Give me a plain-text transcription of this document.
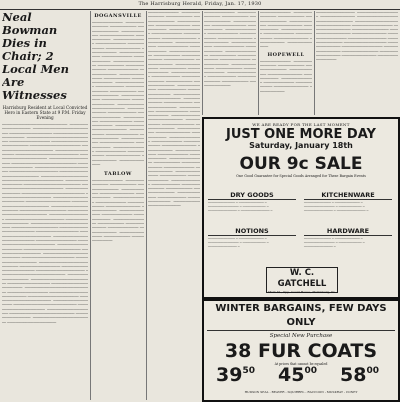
The Harrisburg Herald, Friday, Jan. 17, 1930
Neal Bowman Dies in Chair; 2 Local Men Are Witnesses
Harrisburg Resident at Local Convicted Hero in Eastern State at 9 P.M. Friday Evening
──────────────────────────────── ─────────────────────── ────────────────────────────── ───────────────────── ──────────────────────────── ───────────────────────────────── ──────────────────── ─────────────────────────────── ───────────────────────── ──────────────────────────── ────────────────────── ─────────────────────────────── ────────────────────────── ─────────────────────── ──────────────────────────────── ──────────────────── ───────────────────────────── ──────────────────────── ──────────────────────────────── ─────────────────────── ────────────────────────────── ───────────────────── ──────────────────────────── ───────────────────────────────── ──────────────────── ─────────────────────────────── ───────────────────────── ──────────────────────────── ────────────────────── ─────────────────────────────── ────────────────────────── ─────────────────────── ──────────────────────────────── ──────────────────── ───────────────────────────── ──────────────────────── ──────────────────────────────── ─────────────────────── ────────────────────────────── ───────────────────── ──────────────────────────── ───────────────────────────────── ──────────────────── ─────────────────────────────── ───────────────────────── ──────────────────────────── ────────────────────── ─────────────────────────────── ────────────────────────── ─────────────────────── ──────────────────────────────── ──────────────────── ───────────────────────────── ──────────────────────── ──────────────────────────────── ─────────────────────── ────────────────────────────── ───────────────────── ──────────────────────────── ───────────────────────────────── ──────────────────── ─────────────────────────────── ───────────────────────── ──────────────────────────── ────────────────────── ─────────────────────────────── ────────────────────────── ─────────────────────── ──────────────────────────────── ──────────────────── ───────────────────────────── ────────────────────────
DOGANSVILLE
─────────────── ───────────────── ───────────── ──────────────── ────────────── ───────────────── ───────────── ──────────────── ─────────────── ────────────── ───────────────── ───────────── ──────────────── ─────────────── ────────────── ───────────────── ───────────── ──────────────── ─────────────── ────────────── ───────────────── ───────────── ──────────────── ─────────────── ────────────── ───────────────── ───────────── ──────────────── ─────────────── ────────────── ───────────────── ───────────── ──────────────── ─────────────── ────────────── ───────────────── ───────────── ──────────────── ─────────────── ────────────── ───────────────── ───────────── ──────────────── ─────────────── ────────────── ───────────────── ───────────── ──────────────── ─────────────── ────────────── ───────────────── ───────────── ────────────────
TABLOW
─────────────── ───────────────── ───────────── ──────────────── ────────────── ───────────────── ───────────── ──────────────── ─────────────── ────────────── ───────────────── ───────────── ──────────────── ─────────────── ────────────── ───────────────── ───────────── ──────────────── ─────────────── ────────────── ───────────────── ───────────── ────────────────
─────────────── ───────────────── ───────────── ──────────────── ────────────── ───────────────── ───────────── ──────────────── ─────────────── ────────────── ───────────────── ───────────── ──────────────── ─────────────── ────────────── ───────────────── ───────────── ──────────────── ─────────────── ────────────── ───────────────── ───────────── ──────────────── ─────────────── ────────────── ───────────────── ───────────── ──────────────── ─────────────── ────────────── ───────────────── ───────────── ──────────────── ─────────────── ────────────── ───────────────── ───────────── ──────────────── ─────────────── ────────────── ───────────────── ───────────── ──────────────── ─────────────── ────────────── ───────────────── ───────────── ──────────────── ─────────────── ────────────── ───────────────── ───────────── ──────────────── ─────────────── ────────────── ───────────────── ───────────── ──────────────── ─────────────── ────────────── ───────────────── ───────────── ──────────────── ─────────────── ────────────── ───────────────── ───────────── ──────────────── ─────────────── ────────────── ───────────────── ───────────── ────────────────
─────────────── ───────────────── ───────────── ──────────────── ────────────── ───────────────── ───────────── ──────────────── ─────────────── ────────────── ───────────────── ───────────── ──────────────── ─────────────── ────────────── ───────────────── ───────────── ──────────────── ─────────────── ────────────── ───────────────── ───────────── ──────────────── ─────────────── ────────────── ───────────────── ───────────── ────────────────
─────────────── ───────────────── ───────────── ──────────────── ────────────── ───────────────── ───────────── ──────────────── ─────────────── ────────────── ───────────────── ───────────── ────────────────
HOPEWELL
─────────────── ───────────────── ───────────── ──────────────── ────────────── ───────────────── ───────────── ──────────────── ─────────────── ────────────── ───────────────── ─────────────
─────────────────── ───────────────────── ───────────────── ──────────────────── ────────────────── ───────────────────── ───────────────── ──────────────────── ─────────────────── ────────────────── ───────────────────── ───────────────── ──────────────────── ─────────────────── ────────────────── ───────────────────── ───────────────── ──────────────────── ─────────────────── ────────────────── ───────────────────── ───────────────── ────────────────────
WE ARE READY FOR THE LAST MOMENT
JUST ONE MORE DAY
Saturday, January 18th
OUR 9c SALE
One Good Guarantee for Special Goods Arranged for These Bargain Events
DRY GOODS
────────────── ─ ───────────── ─ ──────────────── ─ ──────────── ─ ─────────────── ─ ─────────────── ─
KITCHENWARE
────────────── ─ ───────────── ─ ──────────────── ─ ──────────── ─ ─────────────── ─ ─────────────── ─
NOTIONS
────────────── ─ ───────────── ─ ──────────────── ─ ──────────── ─ ─────────────── ─
HARDWARE
────────────── ─ ───────────── ─ ──────────────── ─ ──────────── ─ ─────────────── ─
W. C. GATCHELL
Main St., Opp. Court House, Harrisburg, Pa.
WINTER BARGAINS, FEW DAYS ONLY
Special New Purchase
38 FUR COATS
At prices that cannot be equaled
$39^{50}$ $45^{00}$ $58^{00}$
HUDSON SEAL - BEAVER - SQUIRREL - RACCOON - MUSKRAT - CONEY
